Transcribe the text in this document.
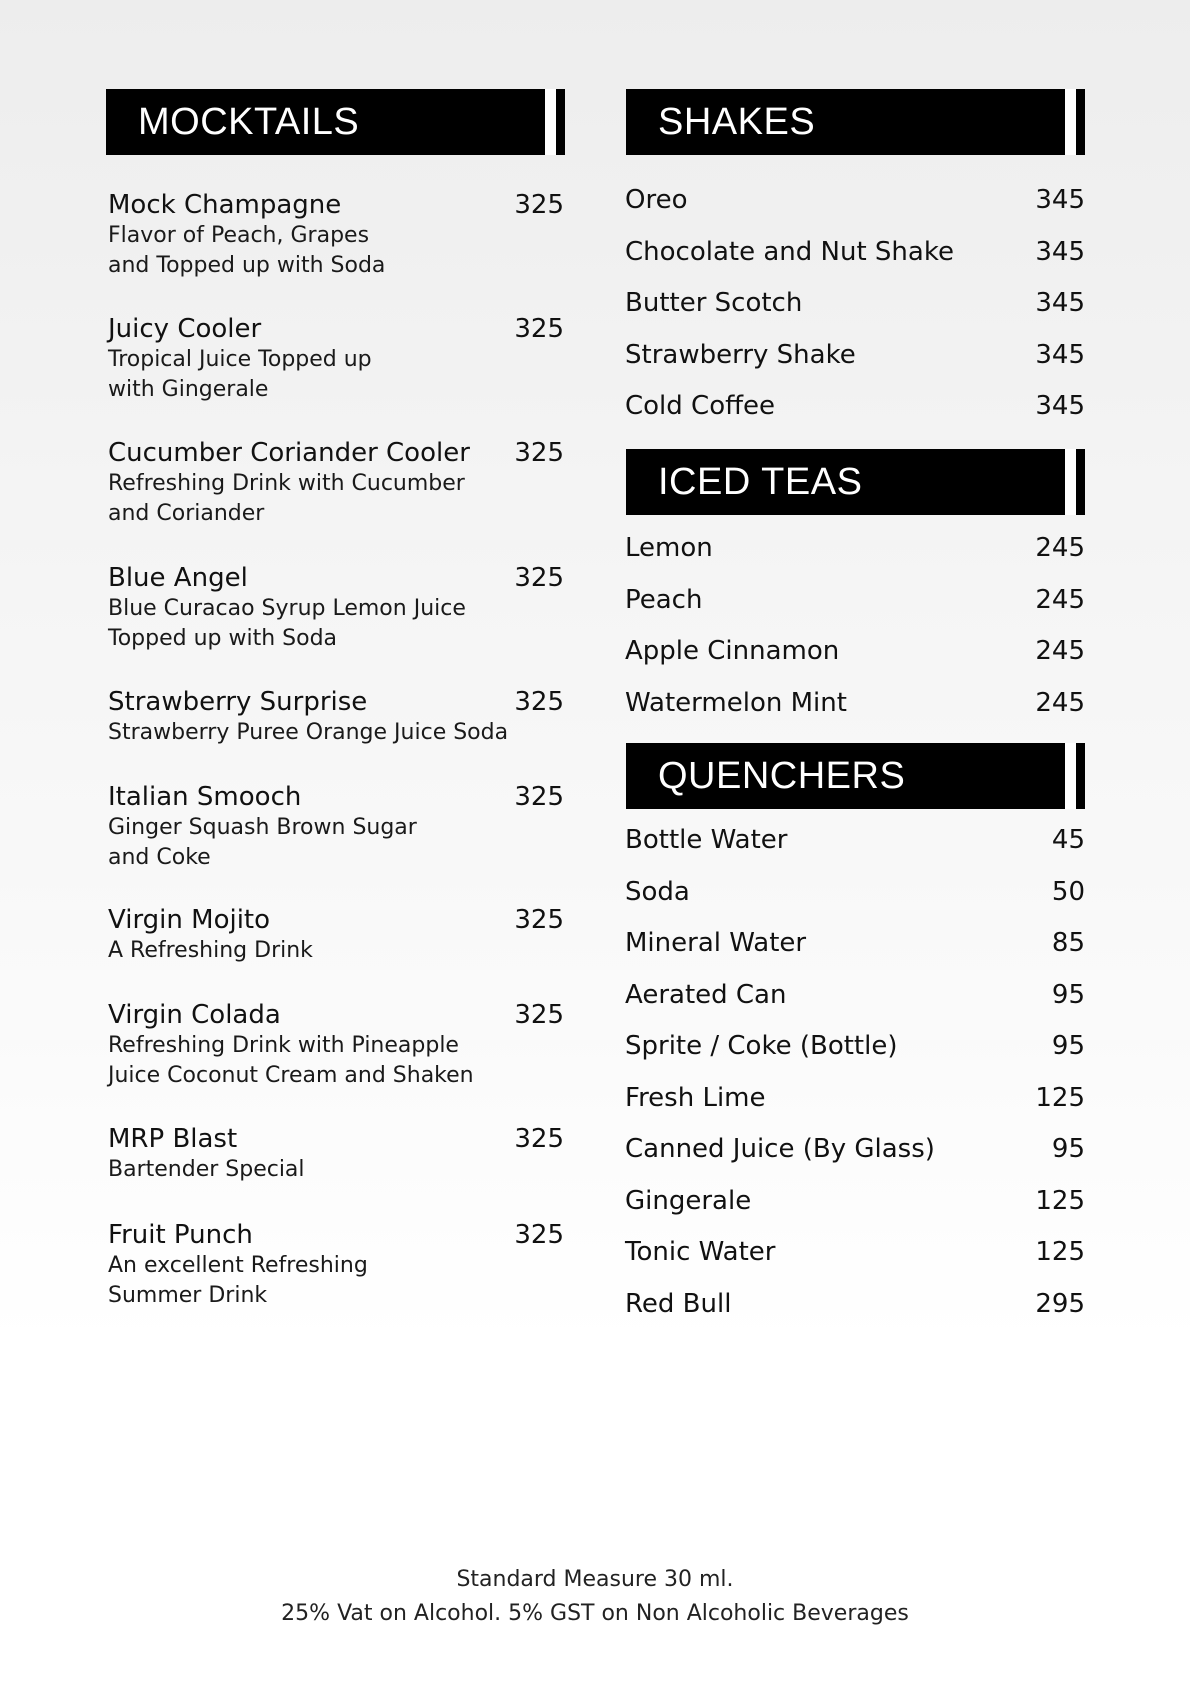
MOCKTAILS
Mock Champagne	325
Flavor of Peach, Grapes
and Topped up with Soda
Juicy Cooler	325
Tropical Juice Topped up
with Gingerale
Cucumber Coriander Cooler	325
Refreshing Drink with Cucumber
and Coriander
Blue Angel	325
Blue Curacao Syrup Lemon Juice
Topped up with Soda
Strawberry Surprise	325
Strawberry Puree Orange Juice Soda
Italian Smooch	325
Ginger Squash Brown Sugar
and Coke
Virgin Mojito	325
A Refreshing Drink
Virgin Colada	325
Refreshing Drink with Pineapple
Juice Coconut Cream and Shaken
MRP Blast	325
Bartender Special
Fruit Punch	325
An excellent Refreshing
Summer Drink
SHAKES
Oreo	345
Chocolate and Nut Shake	345
Butter Scotch	345
Strawberry Shake	345
Cold Coffee	345
ICED TEAS
Lemon	245
Peach	245
Apple Cinnamon	245
Watermelon Mint	245
QUENCHERS
Bottle Water	45
Soda	50
Mineral Water	85
Aerated Can	95
Sprite / Coke (Bottle)	95
Fresh Lime	125
Canned Juice (By Glass)	95
Gingerale	125
Tonic Water	125
Red Bull	295
Standard Measure 30 ml.
25% Vat on Alcohol. 5% GST on Non Alcoholic Beverages
